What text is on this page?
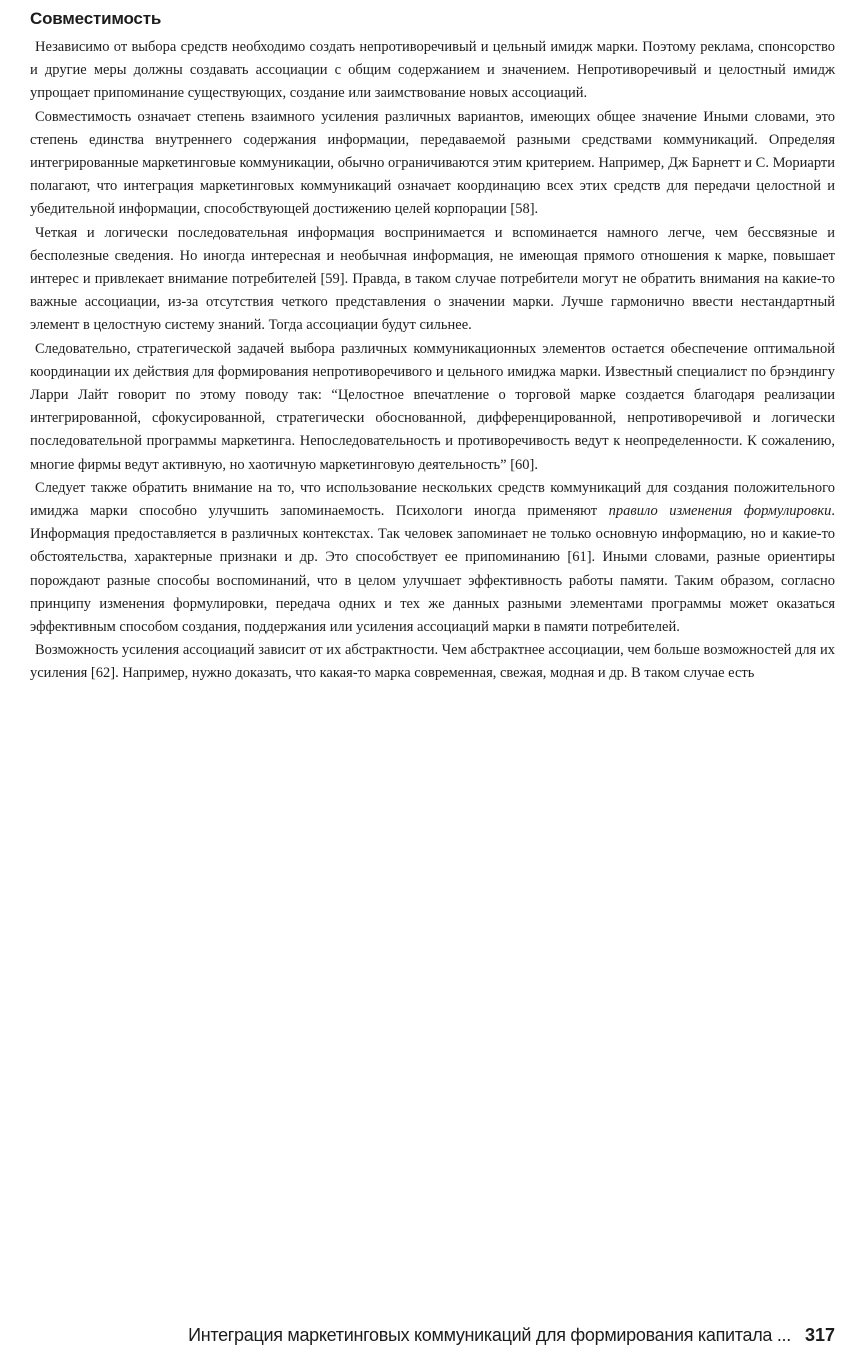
Совместимость

Независимо от выбора средств необходимо создать непротиворечивый и цельный имидж марки. Поэтому реклама, спонсорство и другие меры должны создавать ассоциации с общим содержанием и значением. Непротиворечивый и целостный имидж упрощает припоминание существующих, создание или заимствование новых ассоциаций.

Совместимость означает степень взаимного усиления различных вариантов, имеющих общее значение Иными словами, это степень единства внутреннего содержания информации, передаваемой разными средствами коммуникаций. Определяя интегрированные маркетинговые коммуникации, обычно ограничиваются этим критерием. Например, Дж Барнетт и С. Мориарти полагают, что интеграция маркетинговых коммуникаций означает координацию всех этих средств для передачи целостной и убедительной информации, способствующей достижению целей корпорации [58].

Четкая и логически последовательная информация воспринимается и вспоминается намного легче, чем бессвязные и бесполезные сведения. Но иногда интересная и необычная информация, не имеющая прямого отношения к марке, повышает интерес и привлекает внимание потребителей [59]. Правда, в таком случае потребители могут не обратить внимания на какие-то важные ассоциации, из-за отсутствия четкого представления о значении марки. Лучше гармонично ввести нестандартный элемент в целостную систему знаний. Тогда ассоциации будут сильнее.

Следовательно, стратегической задачей выбора различных коммуникационных элементов остается обеспечение оптимальной координации их действия для формирования непротиворечивого и цельного имиджа марки. Известный специалист по брэндингу Ларри Лайт говорит по этому поводу так: “Целостное впечатление о торговой марке создается благодаря реализации интегрированной, сфокусированной, стратегически обоснованной, дифференцированной, непротиворечивой и логически последовательной программы маркетинга. Непоследовательность и противоречивость ведут к неопределенности. К сожалению, многие фирмы ведут активную, но хаотичную маркетинговую деятельность” [60].

Следует также обратить внимание на то, что использование нескольких средств коммуникаций для создания положительного имиджа марки способно улучшить запоминаемость. Психологи иногда применяют правило изменения формулировки. Информация предоставляется в различных контекстах. Так человек запоминает не только основную информацию, но и какие-то обстоятельства, характерные признаки и др. Это способствует ее припоминанию [61]. Иными словами, разные ориентиры порождают разные способы воспоминаний, что в целом улучшает эффективность работы памяти. Таким образом, согласно принципу изменения формулировки, передача одних и тех же данных разными элементами программы может оказаться эффективным способом создания, поддержания или усиления ассоциаций марки в памяти потребителей.

Возможность усиления ассоциаций зависит от их абстрактности. Чем абстрактнее ассоциации, чем больше возможностей для их усиления [62]. Например, нужно доказать, что какая-то марка современная, свежая, модная и др. В таком случае есть

Интеграция маркетинговых коммуникаций для формирования капитала ... 317
